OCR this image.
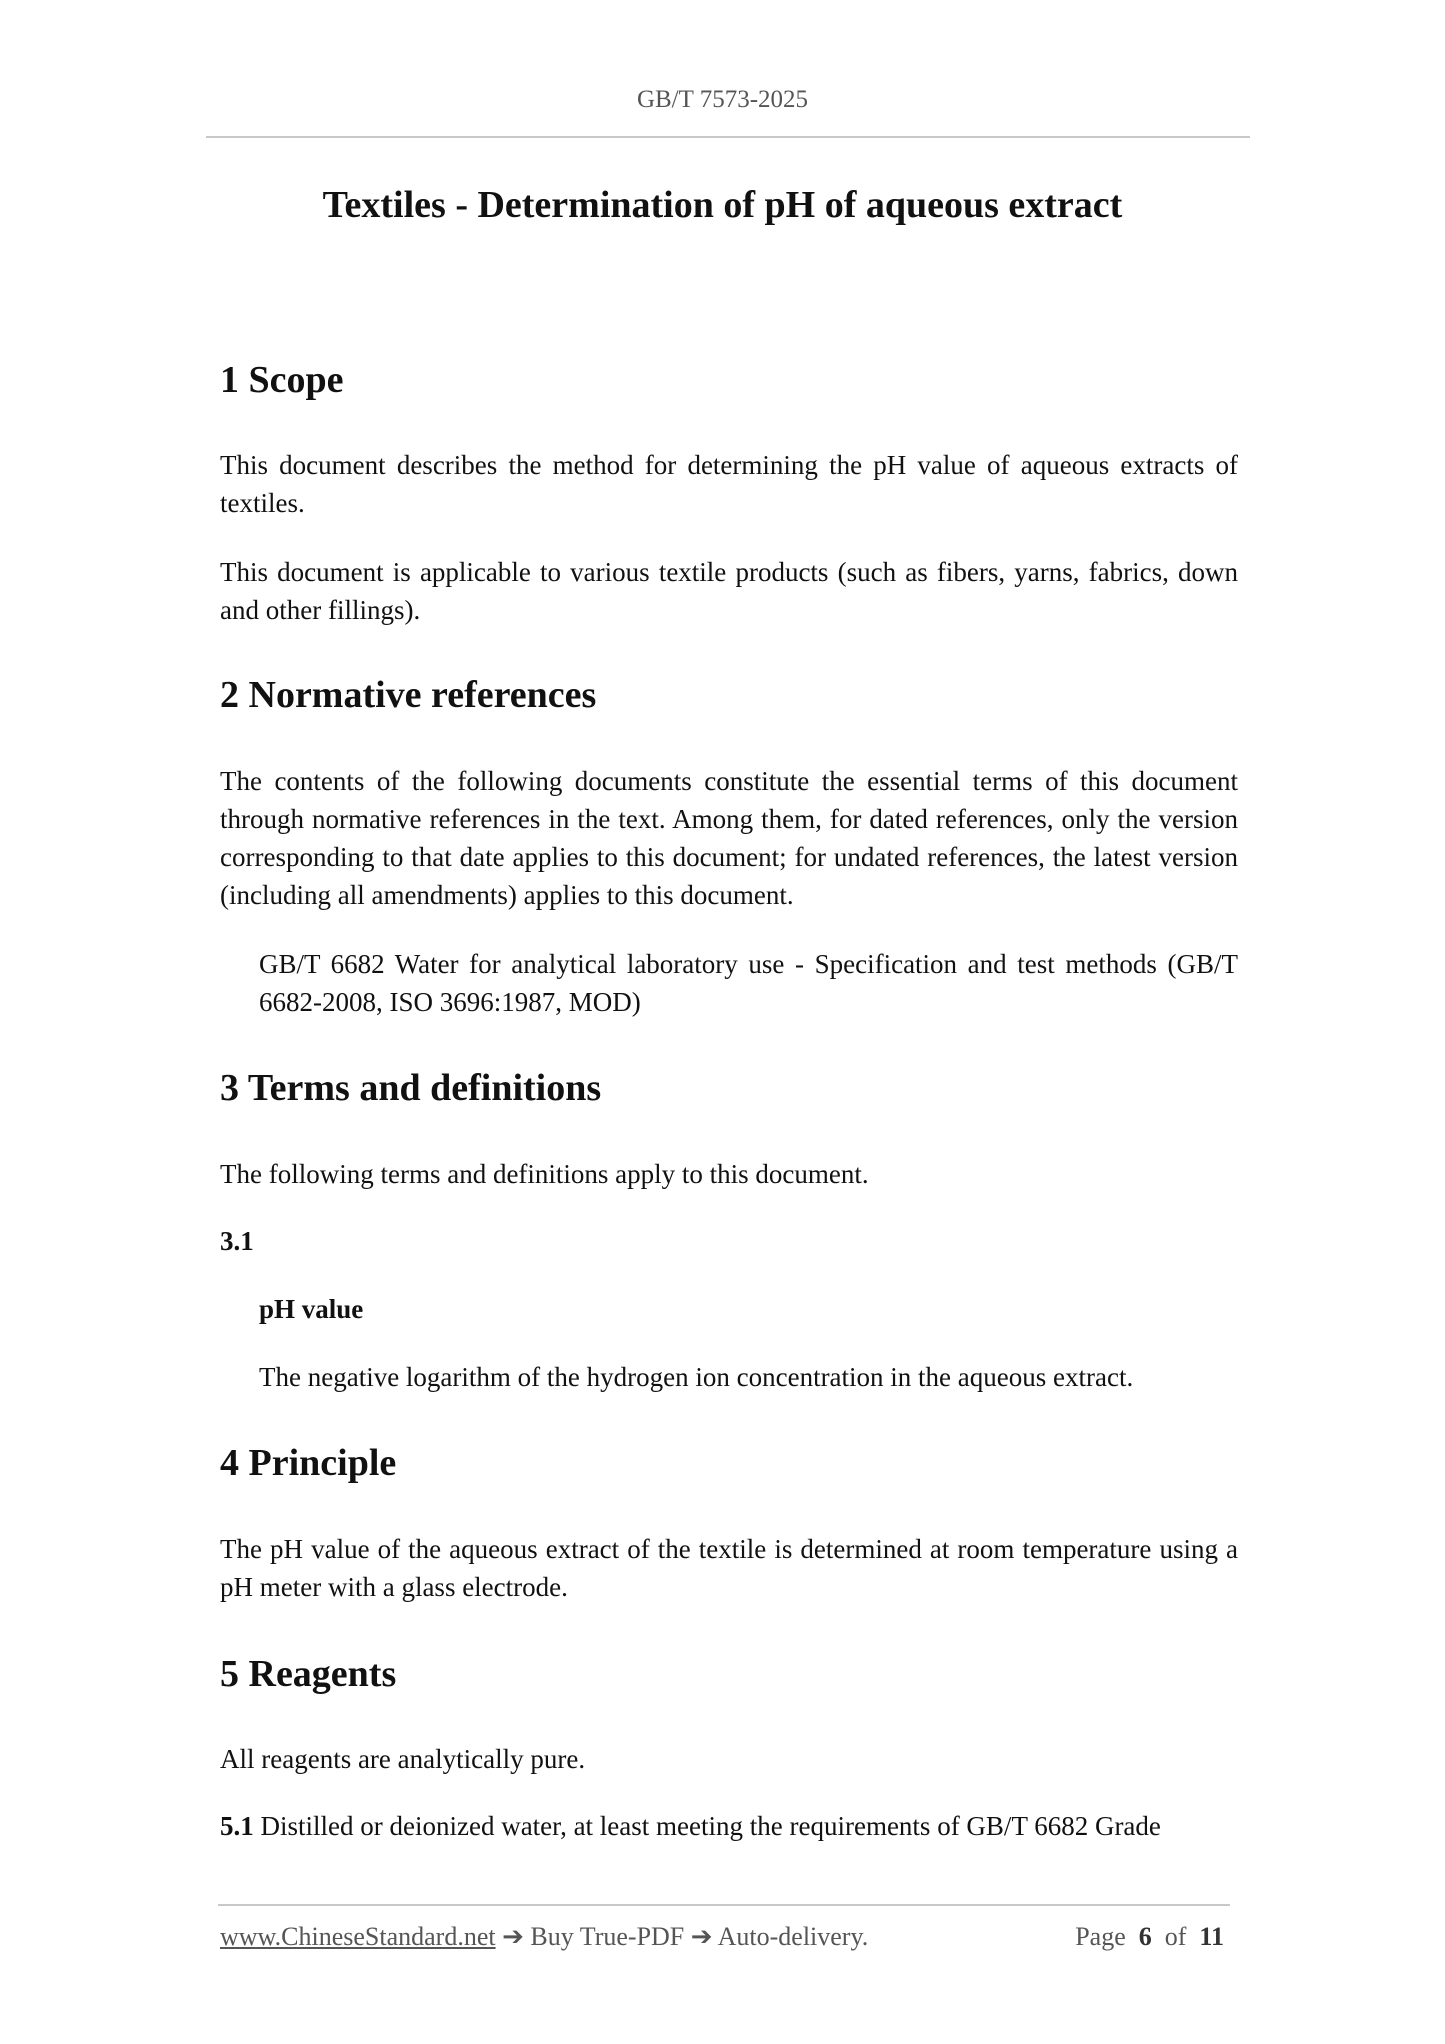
GB/T 7573-2025
Textiles - Determination of pH of aqueous extract
1 Scope

This document describes the method for determining the pH value of aqueous extracts of textiles.

This document is applicable to various textile products (such as fibers, yarns, fabrics, down and other fillings).

2 Normative references

The contents of the following documents constitute the essential terms of this document through normative references in the text. Among them, for dated references, only the version corresponding to that date applies to this document; for undated references, the latest version (including all amendments) applies to this document.

GB/T 6682 Water for analytical laboratory use - Specification and test methods (GB/T 6682-2008, ISO 3696:1987, MOD)

3 Terms and definitions

The following terms and definitions apply to this document.

3.1

pH value

The negative logarithm of the hydrogen ion concentration in the aqueous extract.

4 Principle

The pH value of the aqueous extract of the textile is determined at room temperature using a pH meter with a glass electrode.

5 Reagents

All reagents are analytically pure.

5.1 Distilled or deionized water, at least meeting the requirements of GB/T 6682 Grade

www.ChineseStandard.net ➔ Buy True-PDF ➔ Auto-delivery.	Page 6 of 11
